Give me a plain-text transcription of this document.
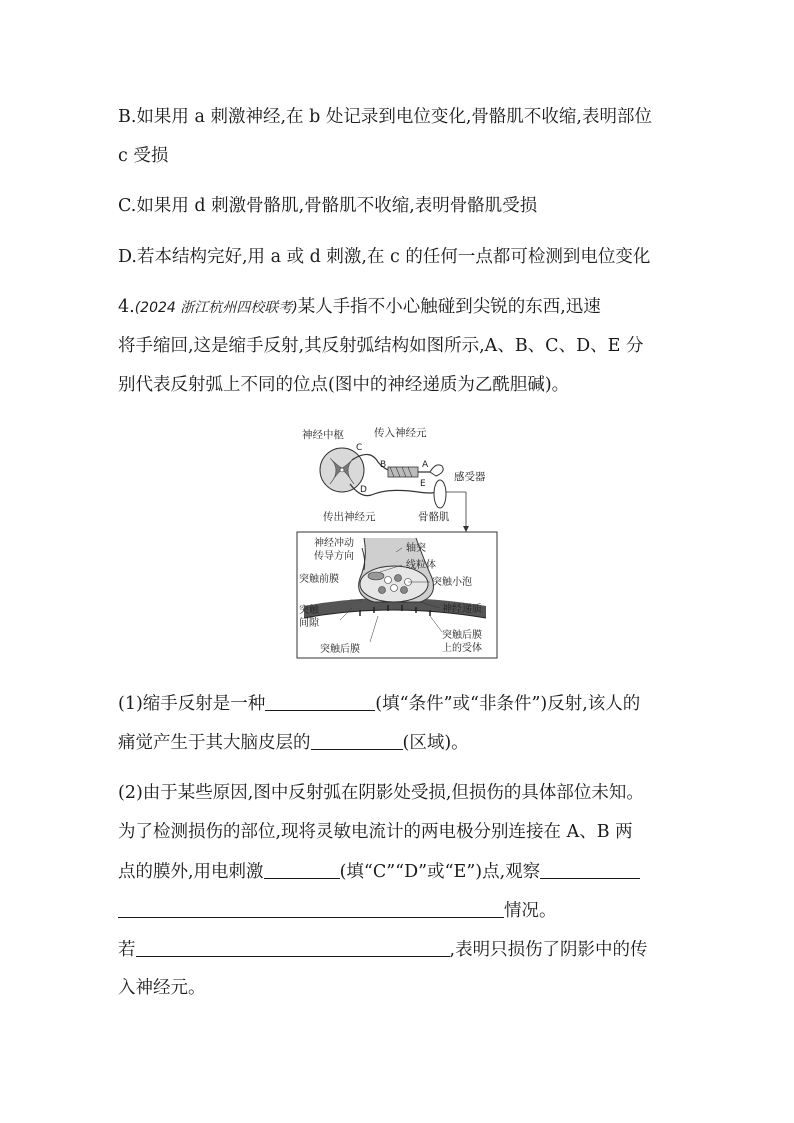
B.如果用 a 刺激神经,在 b 处记录到电位变化,骨骼肌不收缩,表明部位
c 受损
C.如果用 d 刺激骨骼肌,骨骼肌不收缩,表明骨骼肌受损
D.若本结构完好,用 a 或 d 刺激,在 c 的任何一点都可检测到电位变化
4.(2024 浙江杭州四校联考)某人手指不小心触碰到尖锐的东西,迅速
将手缩回,这是缩手反射,其反射弧结构如图所示,A、B、C、D、E 分
别代表反射弧上不同的位点(图中的神经递质为乙酰胆碱)。
神经中枢	传入神经元
感受器
传出神经元	骨骼肌
C
B	A
E
D
神经冲动
传导方向
轴突
线粒体
突触小泡
突触前膜
突触
间隙
神经递质
突触后膜
突触后膜
上的受体
(1)缩手反射是一种	(填“条件”或“非条件”)反射,该人的
痛觉产生于其大脑皮层的	(区域)。
(2)由于某些原因,图中反射弧在阴影处受损,但损伤的具体部位未知。
为了检测损伤的部位,现将灵敏电流计的两电极分别连接在 A、B 两
点的膜外,用电刺激	(填“C”“D”或“E”)点,观察
情况。
若	,表明只损伤了阴影中的传
入神经元。
